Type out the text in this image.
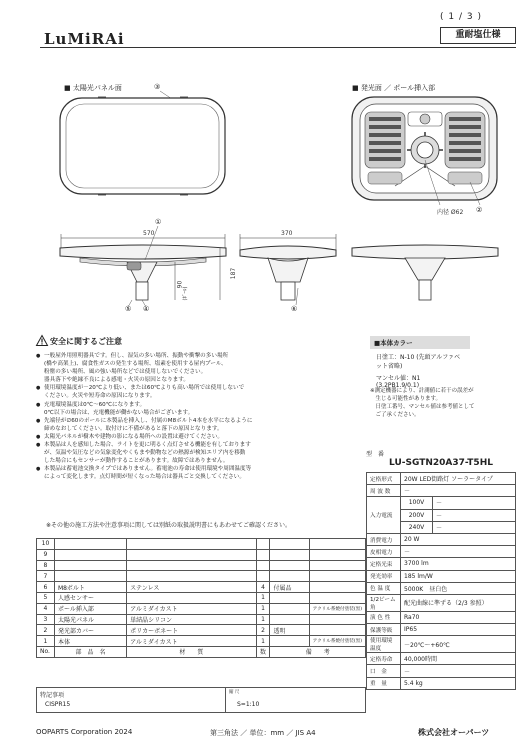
( 1 / 3 )
LuMiRAi	重耐塩仕様
■ 太陽光パネル面	■ 発光面 ／ ポール挿入部
③
内径 Ø62 ②
570	370
187
90
(ﾎﾟｰﾙ)
①
⑤ ④	⑥
安全に関するご注意
● 一般屋外用照明器具です。但し、湿気の多い場所、振動や衝撃の多い場所
(橋や高架上)、腐食性ガスの発生する場所、塩素を使用する屋内プール、
粉塵の多い場所、風の強い場所などでは使用しないでください。
器具落下や絶縁不良による感電・火災の原因となります。
● 使用環境温度が－20℃より低い、または60℃よりも高い場所では使用しないで
ください。火災や短寿命の原因になります。
● 充電環境温度は0℃～60℃になります。
0℃以下の場合は、充電機能が働かない場合がございます。
● 先端径が∅60のポールに本製品を挿入し、付属のM8ボルト4本を水平になるように
締めなおしてください。取付けに不備があると落下の原因となります。
● 太陽光パネルが樹木や建物の影になる場所への設置は避けてください。
● 本製品は人を感知した場合、ライトを更に明るく点灯させる機能を有しております
が、気温や気圧などの気象変化やくもまや動物などの熱源が検知エリア内を移動
した場合にもセンサーが動作することがあります。故障ではありません。
● 本製品は蓄電池交換タイプではありません。蓄電池の寿命は使用環境や周囲温度等
によって変化します。点灯時間が短くなった場合は器具ごと交換してください。
※その他の施工方法や注意事項に関しては別紙の取扱説明書にもあわせてご確認ください。
■本体カラー
日塗工：N-10 (先頭アルファベット省略)
マンセル値：N1 (3.2PB1.9/0.1)
※测定機器により、計測値に若干の誤差が
　生じる可能性があります。
　日塗工番号、マンセル値は参考値として
　ご了承ください。
型　番
LU-SGTN20A37-T5HL
定格形式	20W LED街路灯 ソーラータイプ	
周 波 数	－	
入力電流	100V	－
	200V	－
	240V	－
消費電力	20 W	
皮相電力	－	
定格光束	3700 lm	
発光効率	185 lm/W	
色 温 度	5000K　昼白色	
1/2ビーム角	配光曲線に準ずる（2/3 参照）	
演 色 性	Ra70	
保護等級	IP65	
使用環境温度	－20℃～+60℃	
定格寿命	40,000時間	
口　金	－	
重　量	5.4 kg	
10					
9					
8					
7					
6	M8ボルト	ステンレス	4	付属品	
5	人感センサー		1		
4	ポール挿入部	アルミダイカスト	1		アクリル系焼付塗装(黒)
3	太陽光パネル	単結晶シリコン	1		
2	発光部カバー	ポリカーボネート	2	透明	
1	本体	アルミダイカスト	1		アクリル系焼付塗装(黒)
No.	部　品　名	材　　質	数	備　　考	
特記事項
CISPR15
縮 尺
S=1:10
OOPARTS Corporation 2024	第三角法 ／ 単位：mm ／ JIS A4	株式会社オーパーツ
